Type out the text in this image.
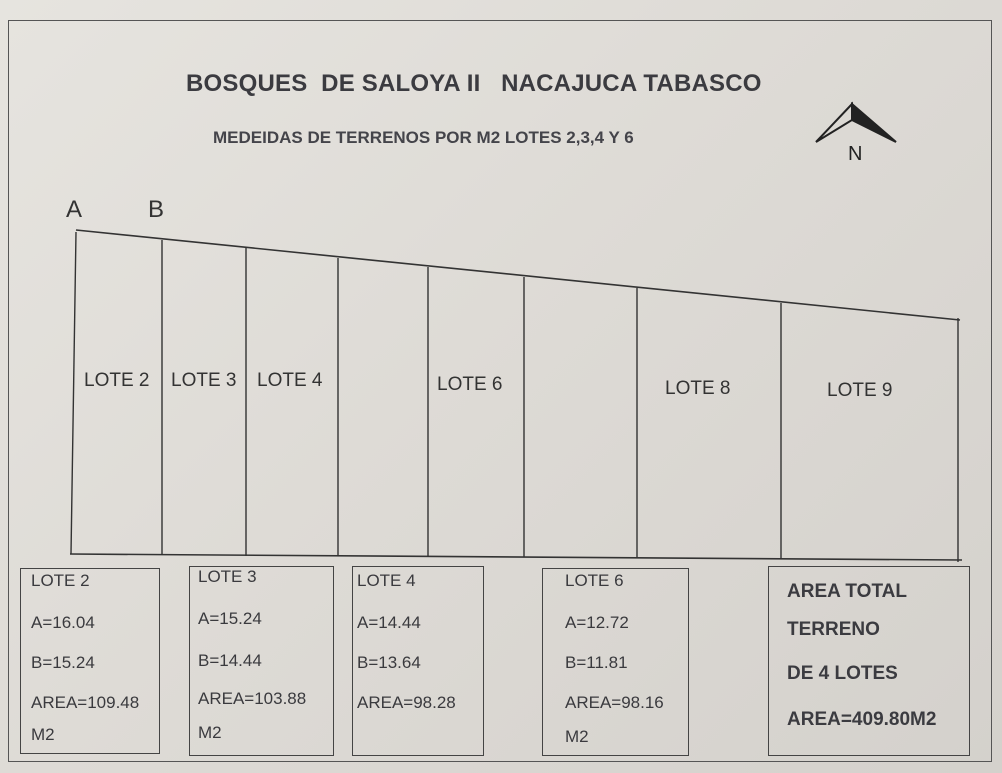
BOSQUES  DE SALOYA II   NACAJUCA TABASCO
MEDEIDAS DE TERRENOS POR M2 LOTES 2,3,4 Y 6
N
A	B
LOTE 2 LOTE 3 LOTE 4	LOTE 6	LOTE 8	LOTE 9
LOTE 2
A=16.04
B=15.24
AREA=109.48
M2
LOTE 3
A=15.24
B=14.44
AREA=103.88
M2
LOTE 4
A=14.44
B=13.64
AREA=98.28
LOTE 6
A=12.72
B=11.81
AREA=98.16
M2
AREA TOTAL
TERRENO
DE 4 LOTES
AREA=409.80M2
